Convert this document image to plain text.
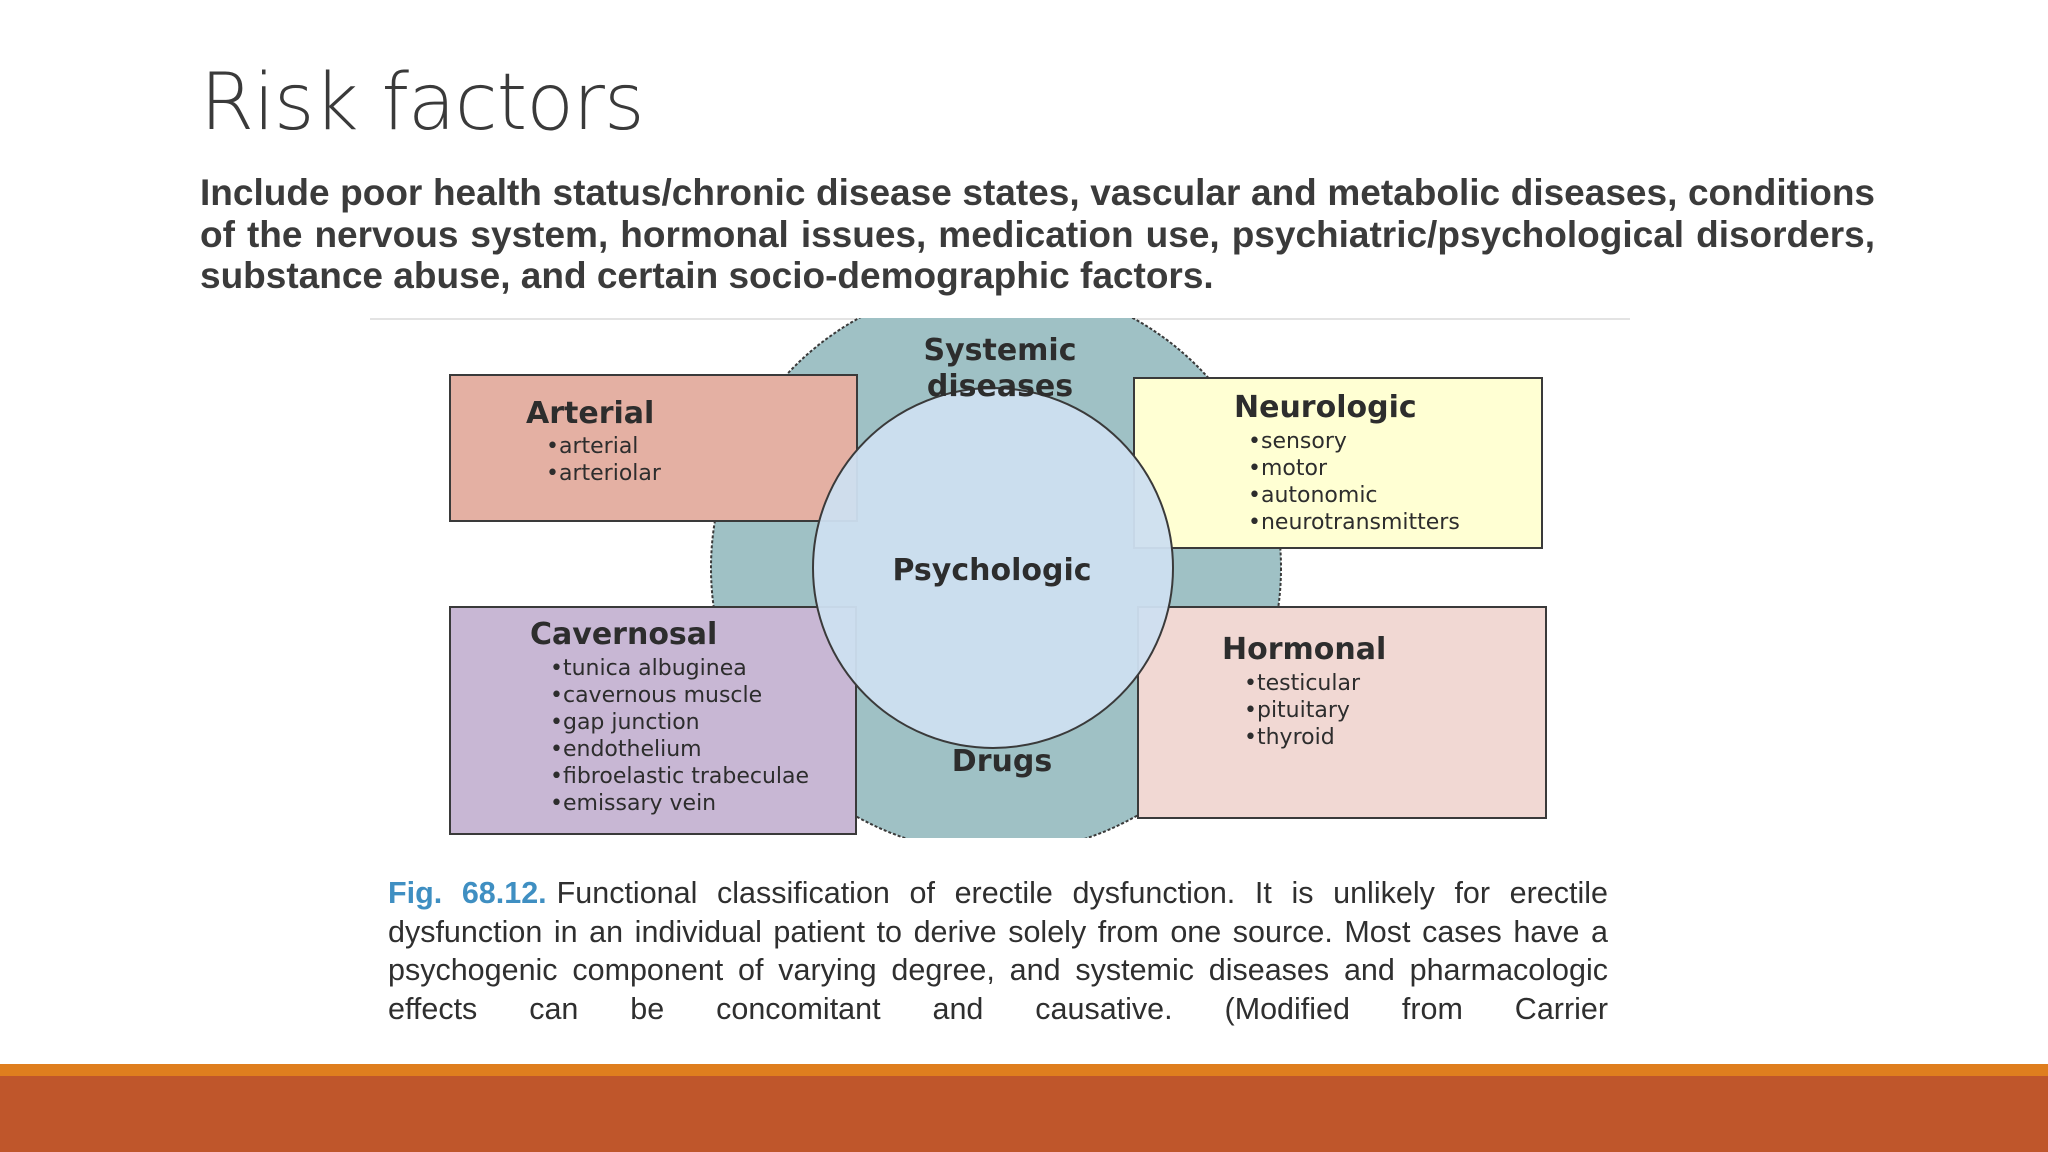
Risk factors
Include poor health status/chronic disease states, vascular and metabolic diseases, conditions of the nervous system, hormonal issues, medication use, psychiatric/psychological disorders, substance abuse, and certain socio-demographic factors.
Systemic
diseases
Drugs
Psychologic
Arterial
•arterial
•arteriolar
Neurologic
•sensory
•motor
•autonomic
•neurotransmitters
Cavernosal
•tunica albuginea
•cavernous muscle
•gap junction
•endothelium
•fibroelastic trabeculae
•emissary vein
Hormonal
•testicular
•pituitary
•thyroid
Fig. 68.12. Functional classification of erectile dysfunction. It is unlikely for erectile dysfunction in an individual patient to derive solely from one source. Most cases have a psychogenic component of varying degree, and systemic diseases and pharmacologic effects can be concomitant and causative. (Modified from Carrier
